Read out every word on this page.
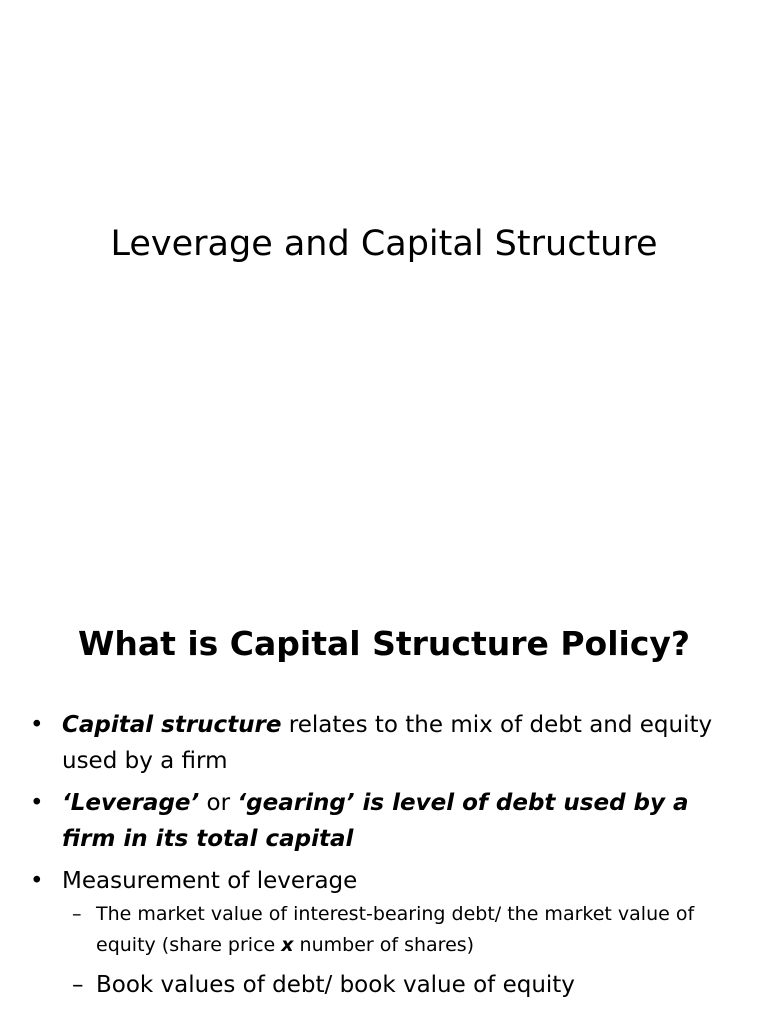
Leverage and Capital Structure
What is Capital Structure Policy?
• Capital structure relates to the mix of debt and equity used by a firm
• ‘Leverage’ or ‘gearing’ is level of debt used by a firm in its total capital
• Measurement of leverage
– The market value of interest-bearing debt/ the market value of equity (share price x number of shares)
– Book values of debt/ book value of equity
